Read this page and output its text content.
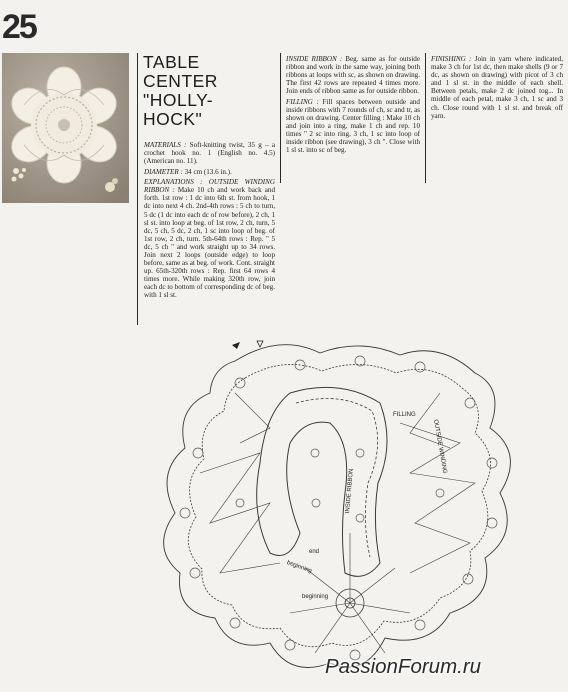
25
TABLE
CENTER
"HOLLY-
HOCK"

MATERIALS : Soft-knitting twist, 35 g – a crochet hook no. 1 (English no. 4.5) (American no. 11).

DIAMETER : 34 cm (13.6 in.).

EXPLANATIONS : OUTSIDE WINDING RIBBON : Make 10 ch and work back and forth. 1st row : 1 dc into 6th st. from hook, 1 dc into next 4 ch. 2nd-4th rows : 5 ch to turn, 5 dc (1 dc into each dc of row before), 2 ch, 1 sl st. into loop at beg. of 1st row, 2 ch, turn, 5 dc, 5 ch, 5 dc, 2 ch, 1 sc into loop of beg. of 1st row, 2 ch, turn. 5th-64th rows : Rep. " 5 dc, 5 ch " and work straight up to 34 rows. Join next 2 loops (outside edge) to loop before, same as at beg. of work. Cont. straight up. 65th-320th rows : Rep. first 64 rows 4 times more. While making 320th row, join each dc to bottom of corresponding dc of beg. with 1 sl st.

INSIDE RIBBON : Beg. same as for outside ribbon and work in the same way, joining both ribbons at loops with sc, as shown on drawing. The first 42 rows are repeated 4 times more. Join ends of ribbon same as for outside ribbon.

FILLING : Fill spaces between outside and inside ribbons with 7 rounds of ch, sc and tr, as shown on drawing. Center filling : Make 10 ch and join into a ring, make 1 ch and rep. 10 times " 2 sc into ring, 3 ch, 1 sc into loop of inside ribbon (see drawing), 3 ch ". Close with 1 sl st. into sc of beg.

FINISHING : Join in yarn where indicated, make 3 ch for 1st dc, then make shells (9 or 7 dc, as shown on drawing) with picot of 3 ch and 1 sl st. in the middle of each shell. Between petals, make 2 dc joined tog... In middle of each petal, make 3 ch, 1 sc and 3 ch. Close round with 1 sl st. and break off yarn.

FILLING
INSIDE RIBBON
OUTSIDE WINDING
end
beginning
beginning
PassionForum.ru
